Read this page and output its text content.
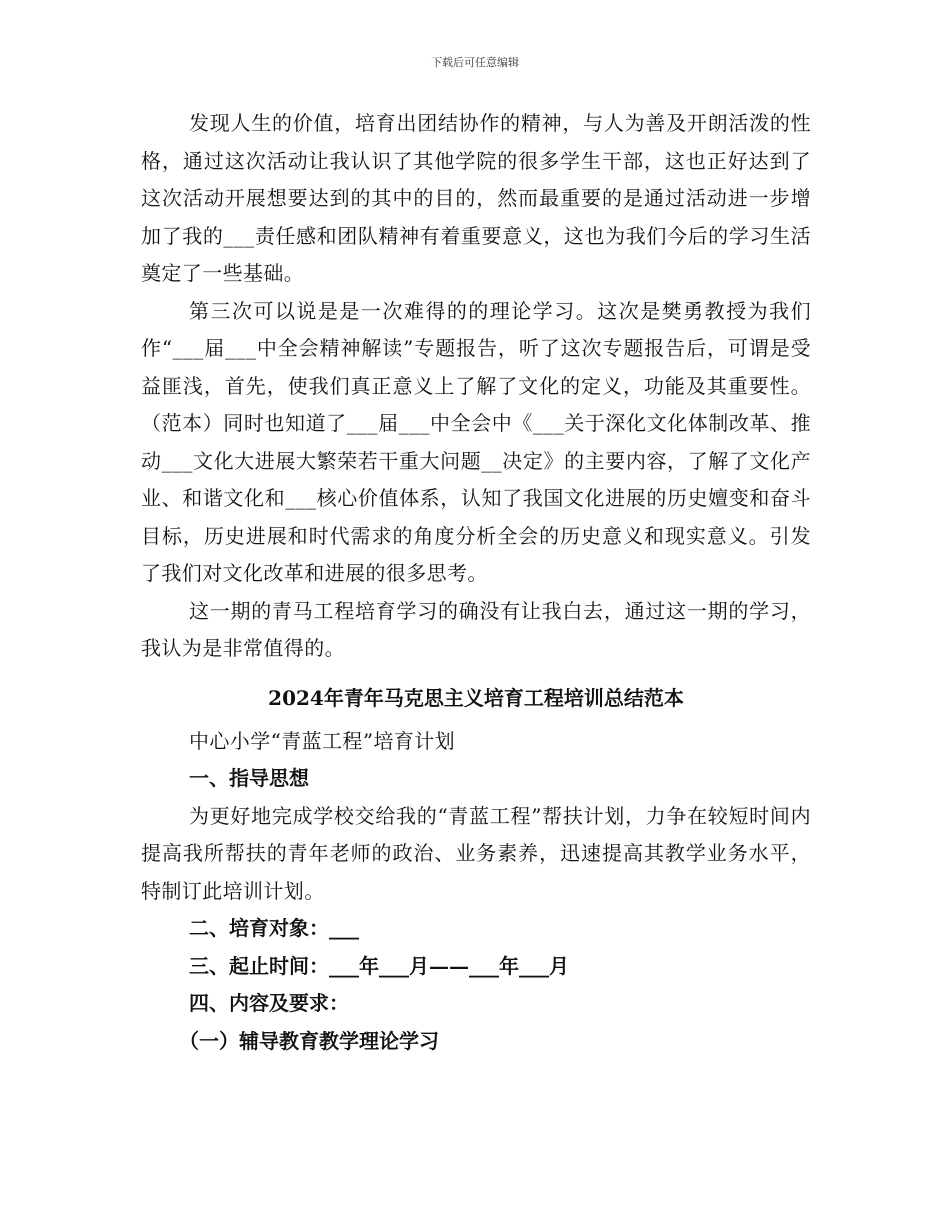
下载后可任意编辑

发现人生的价值，培育出团结协作的精神，与人为善及开朗活泼的性格，通过这次活动让我认识了其他学院的很多学生干部，这也正好达到了这次活动开展想要达到的其中的目的，然而最重要的是通过活动进一步增加了我的___责任感和团队精神有着重要意义，这也为我们今后的学习生活奠定了一些基础。

第三次可以说是是一次难得的的理论学习。这次是樊勇教授为我们作“___届___中全会精神解读”专题报告，听了这次专题报告后，可谓是受益匪浅，首先，使我们真正意义上了解了文化的定义，功能及其重要性。（范本）同时也知道了___届___中全会中《___关于深化文化体制改革、推动___文化大进展大繁荣若干重大问题__决定》的主要内容，了解了文化产业、和谐文化和___核心价值体系，认知了我国文化进展的历史嬗变和奋斗目标，历史进展和时代需求的角度分析全会的历史意义和现实意义。引发了我们对文化改革和进展的很多思考。

这一期的青马工程培育学习的确没有让我白去，通过这一期的学习，我认为是非常值得的。

2024年青年马克思主义培育工程培训总结范本

中心小学“青蓝工程”培育计划

一、指导思想

为更好地完成学校交给我的“青蓝工程”帮扶计划，力争在较短时间内提高我所帮扶的青年老师的政治、业务素养，迅速提高其教学业务水平，特制订此培训计划。

二、培育对象：___

三、起止时间：___年___月——___年___月

四、内容及要求：

（一）辅导教育教学理论学习
